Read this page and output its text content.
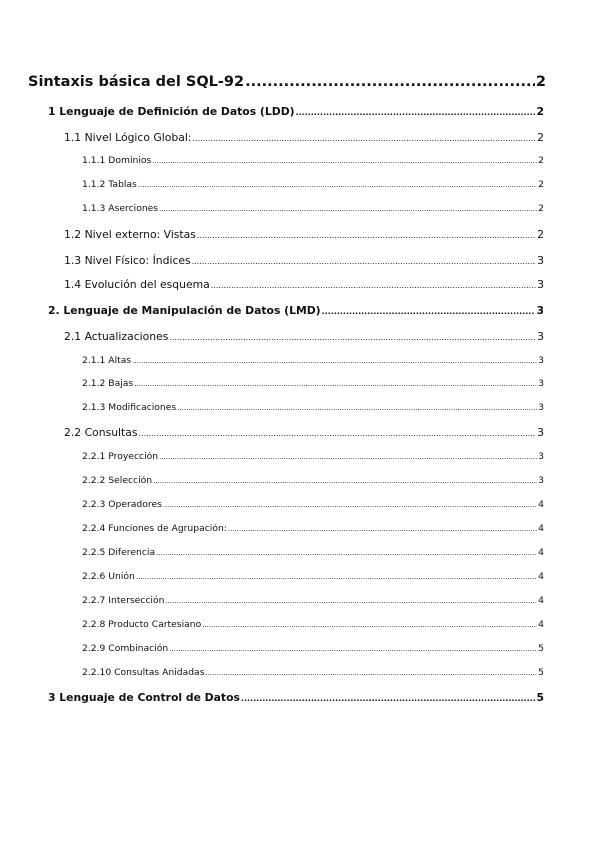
Sintaxis básica del SQL-92 .....	2
1 Lenguaje de Definición de Datos (LDD) .....	2
1.1 Nivel Lógico Global: .....	2
1.1.1 Dominios .....	2
1.1.2 Tablas .....	2
1.1.3 Aserciones .....	2
1.2 Nivel externo: Vistas .....	2
1.3 Nivel Físico: Índices .....	3
1.4 Evolución del esquema .....	3
2. Lenguaje de Manipulación de Datos (LMD) .....	3
2.1 Actualizaciones .....	3
2.1.1 Altas .....	3
2.1.2 Bajas .....	3
2.1.3 Modificaciones .....	3
2.2 Consultas .....	3
2.2.1 Proyección .....	3
2.2.2 Selección .....	3
2.2.3 Operadores .....	4
2.2.4 Funciones de Agrupación: .....	4
2.2.5 Diferencia .....	4
2.2.6 Unión .....	4
2.2.7 Intersección .....	4
2.2.8 Producto Cartesiano .....	4
2.2.9 Combinación .....	5
2.2.10 Consultas Anidadas .....	5
3 Lenguaje de Control de Datos .....	5
